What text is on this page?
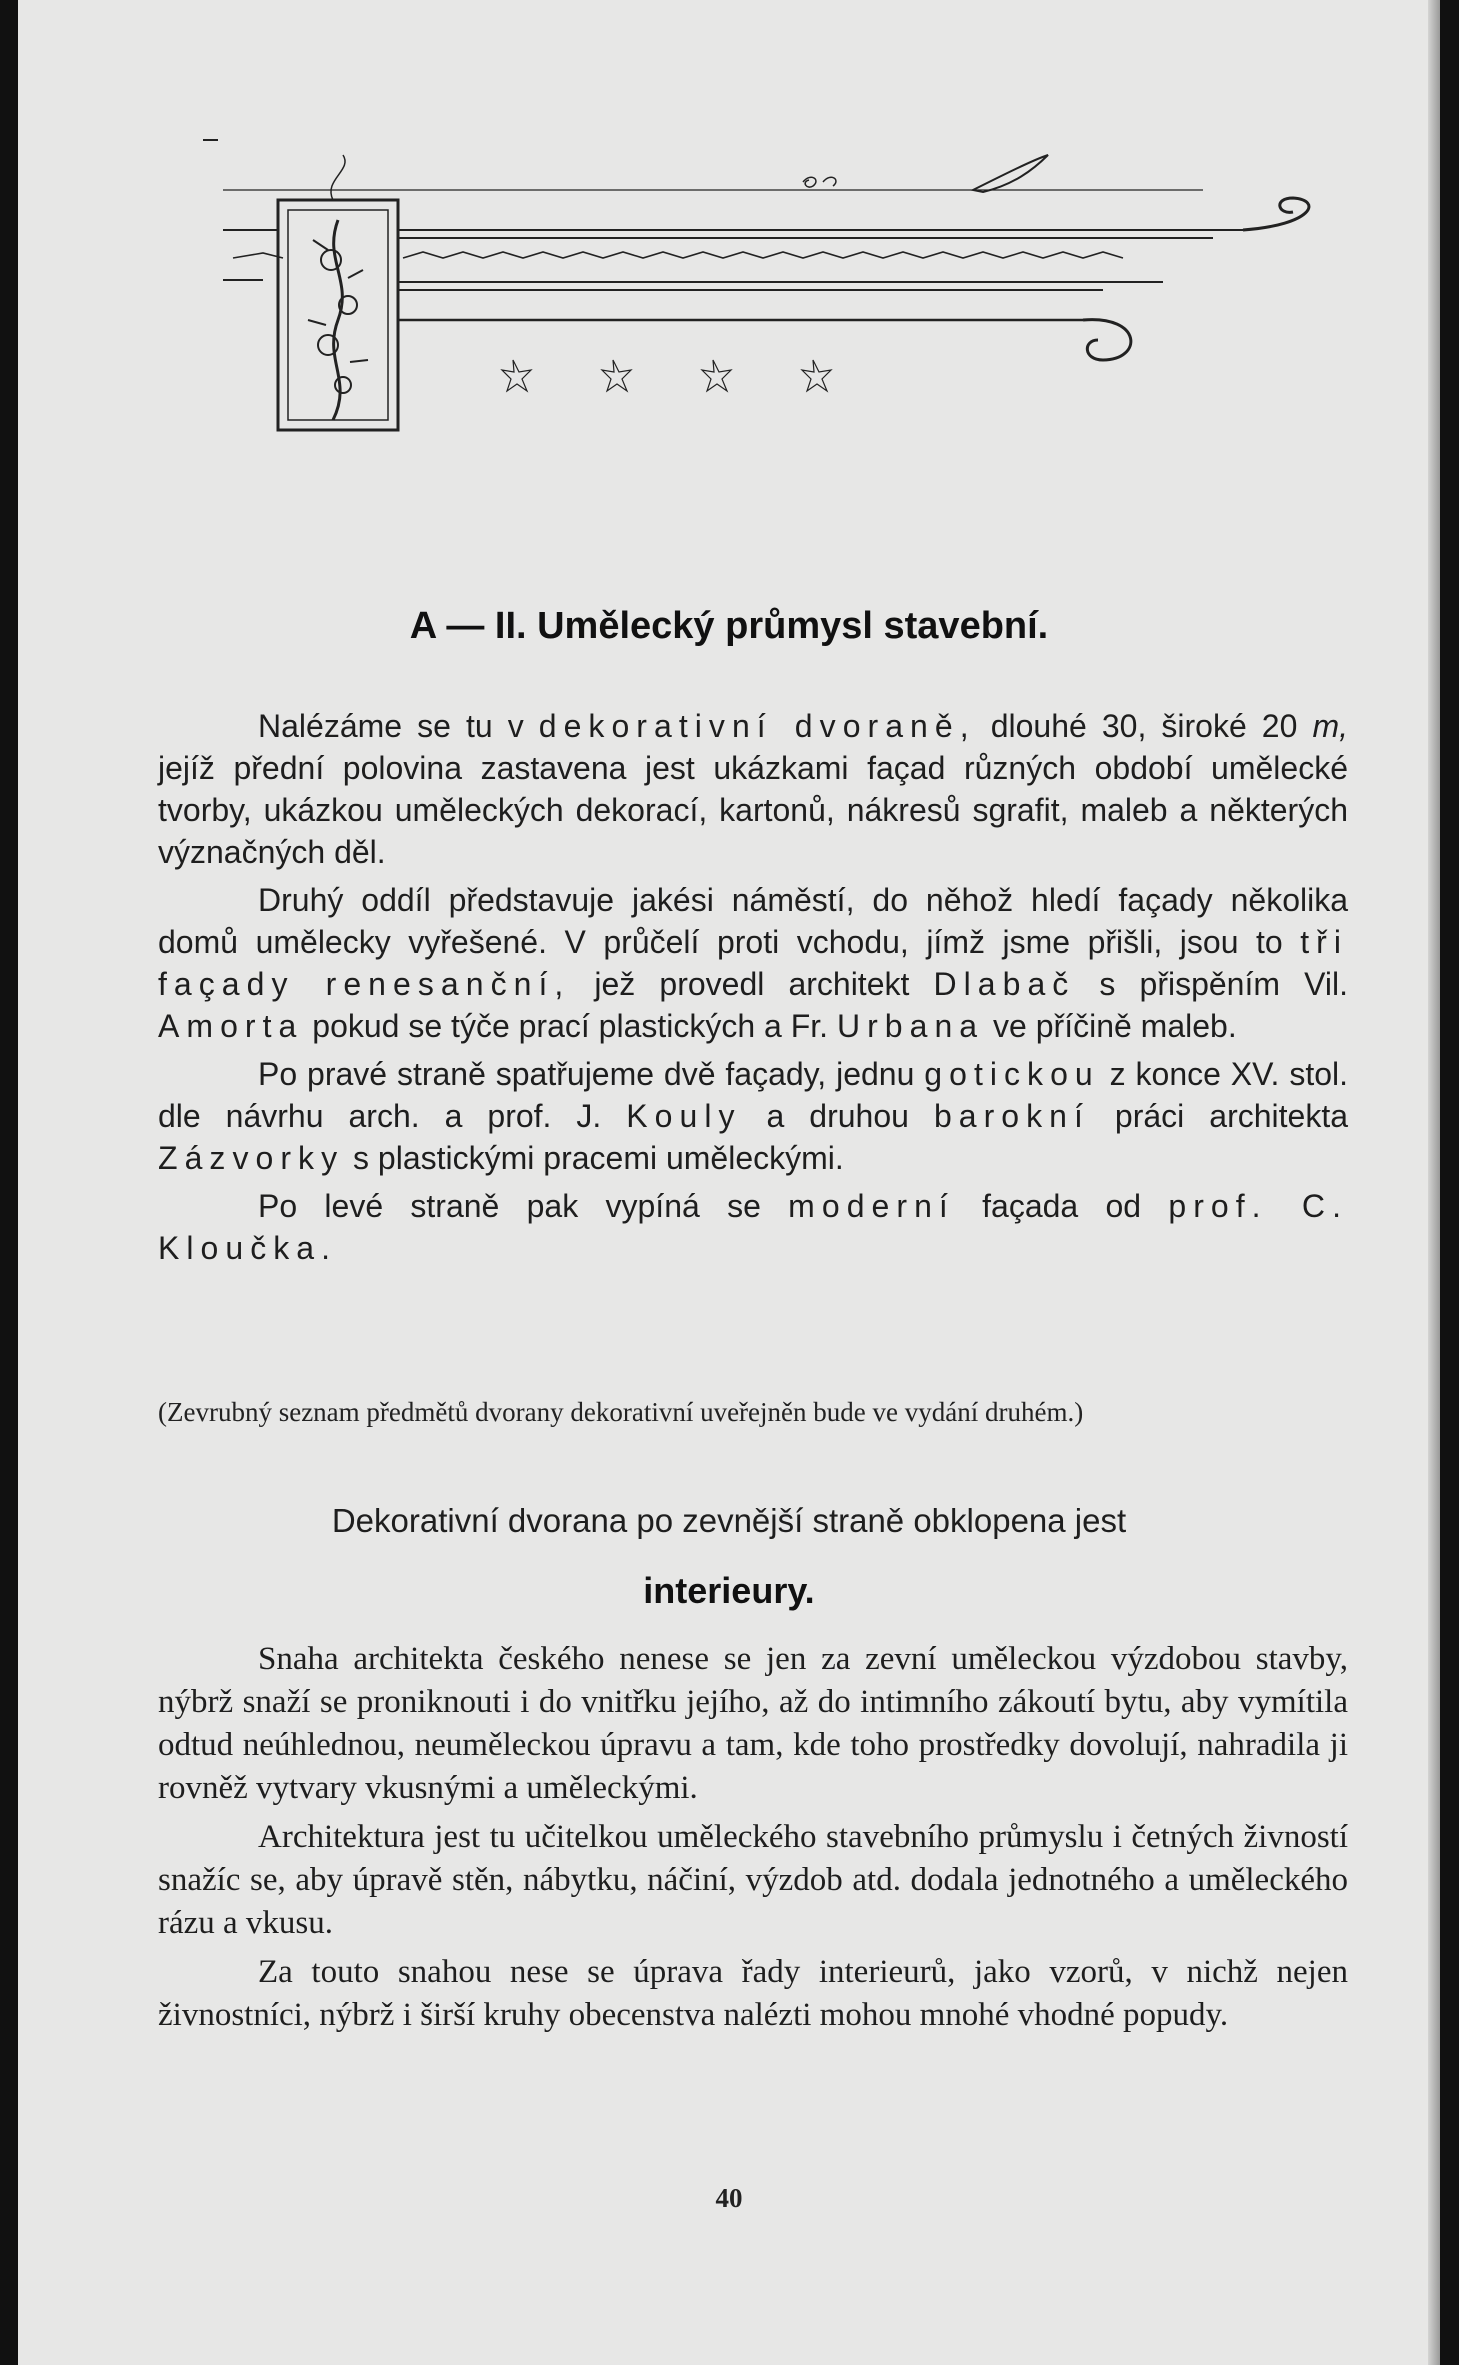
A — II. Umělecký průmysl stavební.

Nalézáme se tu v dekorativní dvoraně, dlouhé 30, široké 20 m, jejíž přední polovina zastavena jest ukázkami façad různých období umělecké tvorby, ukázkou uměleckých dekorací, kartonů, nákresů sgrafit, maleb a některých význačných děl.

Druhý oddíl představuje jakési náměstí, do něhož hledí façady několika domů umělecky vyřešené. V průčelí proti vchodu, jímž jsme přišli, jsou to tři façady renesanční, jež provedl architekt Dlabač s přispěním Vil. Amorta pokud se týče prací plastických a Fr. Urbana ve příčině maleb.

Po pravé straně spatřujeme dvě façady, jednu gotickou z konce XV. stol. dle návrhu arch. a prof. J. Kouly a druhou barokní práci architekta Zázvorky s plastickými pracemi uměleckými.

Po levé straně pak vypíná se moderní façada od prof. C. Kloučka.

(Zevrubný seznam předmětů dvorany dekorativní uveřejněn bude ve vydání druhém.)
Dekorativní dvorana po zevnější straně obklopena jest
interieury.

Snaha architekta českého nenese se jen za zevní uměleckou výzdobou stavby, nýbrž snaží se proniknouti i do vnitřku jejího, až do intimního zákoutí bytu, aby vymítila odtud neúhlednou, neuměleckou úpravu a tam, kde toho prostředky dovolují, nahradila ji rovněž vytvary vkusnými a uměleckými.

Architektura jest tu učitelkou uměleckého stavebního průmyslu i četných živností snažíc se, aby úpravě stěn, nábytku, náčiní, výzdob atd. dodala jednotného a uměleckého rázu a vkusu.

Za touto snahou nese se úprava řady interieurů, jako vzorů, v nichž nejen živnostníci, nýbrž i širší kruhy obecenstva nalézti mohou mnohé vhodné popudy.

40
